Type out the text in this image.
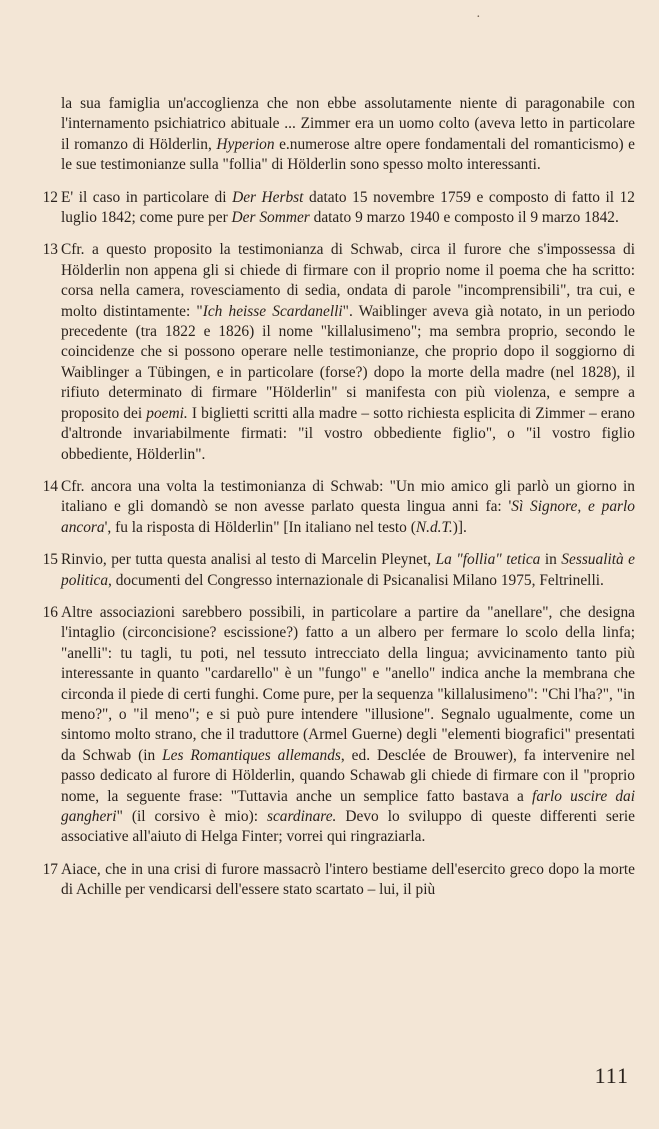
·

la sua famiglia un'accoglienza che non ebbe assolutamente niente di paragonabile con l'internamento psichiatrico abituale ... Zimmer era un uomo colto (aveva letto in particolare il romanzo di Hölderlin, Hyperion e.numerose altre opere fondamentali del romanticismo) e le sue testimonianze sulla "follia" di Hölderlin sono spesso molto interessanti.

12 E' il caso in particolare di Der Herbst datato 15 novembre 1759 e composto di fatto il 12 luglio 1842; come pure per Der Sommer datato 9 marzo 1940 e composto il 9 marzo 1842.
13 Cfr. a questo proposito la testimonianza di Schwab, circa il furore che s'impossessa di Hölderlin non appena gli si chiede di firmare con il proprio nome il poema che ha scritto: corsa nella camera, rovesciamento di sedia, ondata di parole "incomprensibili", tra cui, e molto distintamente: "Ich heisse Scardanelli". Waiblinger aveva già notato, in un periodo precedente (tra 1822 e 1826) il nome "killalusimeno"; ma sembra proprio, secondo le coincidenze che si possono operare nelle testimonianze, che proprio dopo il soggiorno di Waiblinger a Tübingen, e in particolare (forse?) dopo la morte della madre (nel 1828), il rifiuto determinato di firmare "Hölderlin" si manifesta con più violenza, e sempre a proposito dei poemi. I biglietti scritti alla madre – sotto richiesta esplicita di Zimmer – erano d'altronde invariabilmente firmati: "il vostro obbediente figlio", o "il vostro figlio obbediente, Hölderlin".
14 Cfr. ancora una volta la testimonianza di Schwab: "Un mio amico gli parlò un giorno in italiano e gli domandò se non avesse parlato questa lingua anni fa: 'Sì Signore, e parlo ancora', fu la risposta di Hölderlin" [In italiano nel testo (N.d.T.)].
15 Rinvio, per tutta questa analisi al testo di Marcelin Pleynet, La "follia" tetica in Sessualità e politica, documenti del Congresso internazionale di Psicanalisi Milano 1975, Feltrinelli.
16 Altre associazioni sarebbero possibili, in particolare a partire da "anellare", che designa l'intaglio (circoncisione? escissione?) fatto a un albero per fermare lo scolo della linfa; "anelli": tu tagli, tu poti, nel tessuto intrecciato della lingua; avvicinamento tanto più interessante in quanto "cardarello" è un "fungo" e "anello" indica anche la membrana che circonda il piede di certi funghi. Come pure, per la sequenza "killalusimeno": "Chi l'ha?", "in meno?", o "il meno"; e si può pure intendere "illusione". Segnalo ugualmente, come un sintomo molto strano, che il traduttore (Armel Guerne) degli "elementi biografici" presentati da Schwab (in Les Romantiques allemands, ed. Desclée de Brouwer), fa intervenire nel passo dedicato al furore di Hölderlin, quando Schawab gli chiede di firmare con il "proprio nome, la seguente frase: "Tuttavia anche un semplice fatto bastava a farlo uscire dai gangheri" (il corsivo è mio): scardinare. Devo lo sviluppo di queste differenti serie associative all'aiuto di Helga Finter; vorrei qui ringraziarla.
17 Aiace, che in una crisi di furore massacrò l'intero bestiame dell'esercito greco dopo la morte di Achille per vendicarsi dell'essere stato scartato – lui, il più
111
